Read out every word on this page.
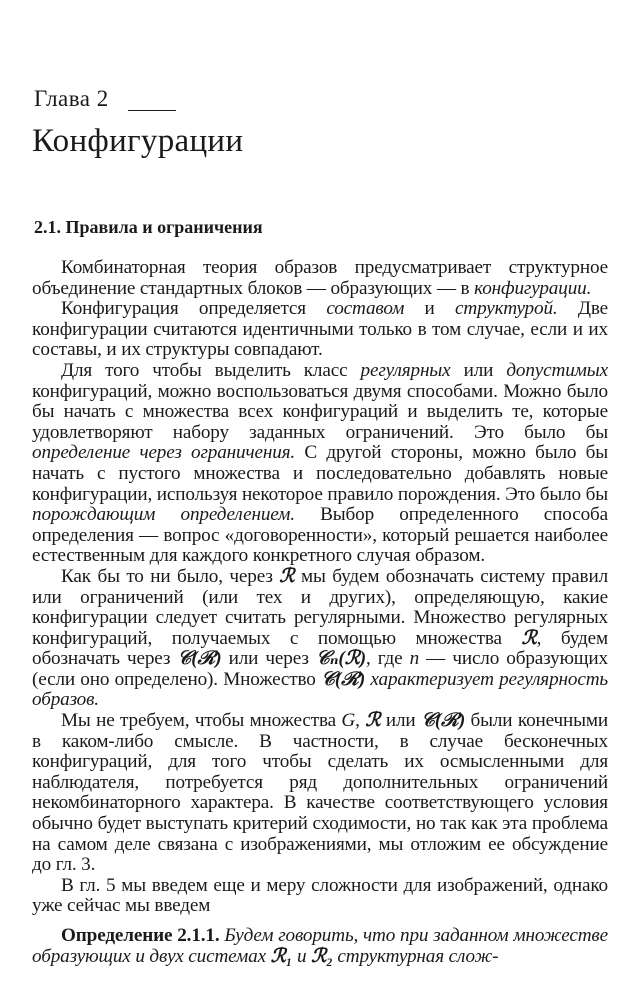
Глава 2
Конфигурации
2.1. Правила и ограничения

Комбинаторная теория образов предусматривает структурное объединение стандартных блоков — образующих — в конфигурации.

Конфигурация определяется составом и структурой. Две конфигурации считаются идентичными только в том случае, если и их составы, и их структуры совпадают.

Для того чтобы выделить класс регулярных или допустимых конфигураций, можно воспользоваться двумя способами. Можно было бы начать с множества всех конфигураций и выделить те, которые удовлетворяют набору заданных ограничений. Это было бы определение через ограничения. С другой стороны, можно было бы начать с пустого множества и последовательно добавлять новые конфигурации, используя некоторое правило порождения. Это было бы порождающим определением. Выбор определенного способа определения — вопрос «договоренности», который решается наиболее естественным для каждого конкретного случая образом.

Как бы то ни было, через ℛ мы будем обозначать систему правил или ограничений (или тех и других), определяющую, какие конфигурации следует считать регулярными. Множество регулярных конфигураций, получаемых с помощью множества ℛ, будем обозначать через 𝒞(ℛ) или через 𝒞ₙ(ℛ), где n — число образующих (если оно определено). Множество 𝒞(ℛ) характеризует регулярность образов.

Мы не требуем, чтобы множества G, ℛ или 𝒞(ℛ) были конечными в каком-либо смысле. В частности, в случае бесконечных конфигураций, для того чтобы сделать их осмысленными для наблюдателя, потребуется ряд дополнительных ограничений некомбинаторного характера. В качестве соответствующего условия обычно будет выступать критерий сходимости, но так как эта проблема на самом деле связана с изображениями, мы отложим ее обсуждение до гл. 3.

В гл. 5 мы введем еще и меру сложности для изображений, однако уже сейчас мы введем

Определение 2.1.1. Будем говорить, что при заданном множестве образующих и двух системах ℛ₁ и ℛ₂ структурная слож-
